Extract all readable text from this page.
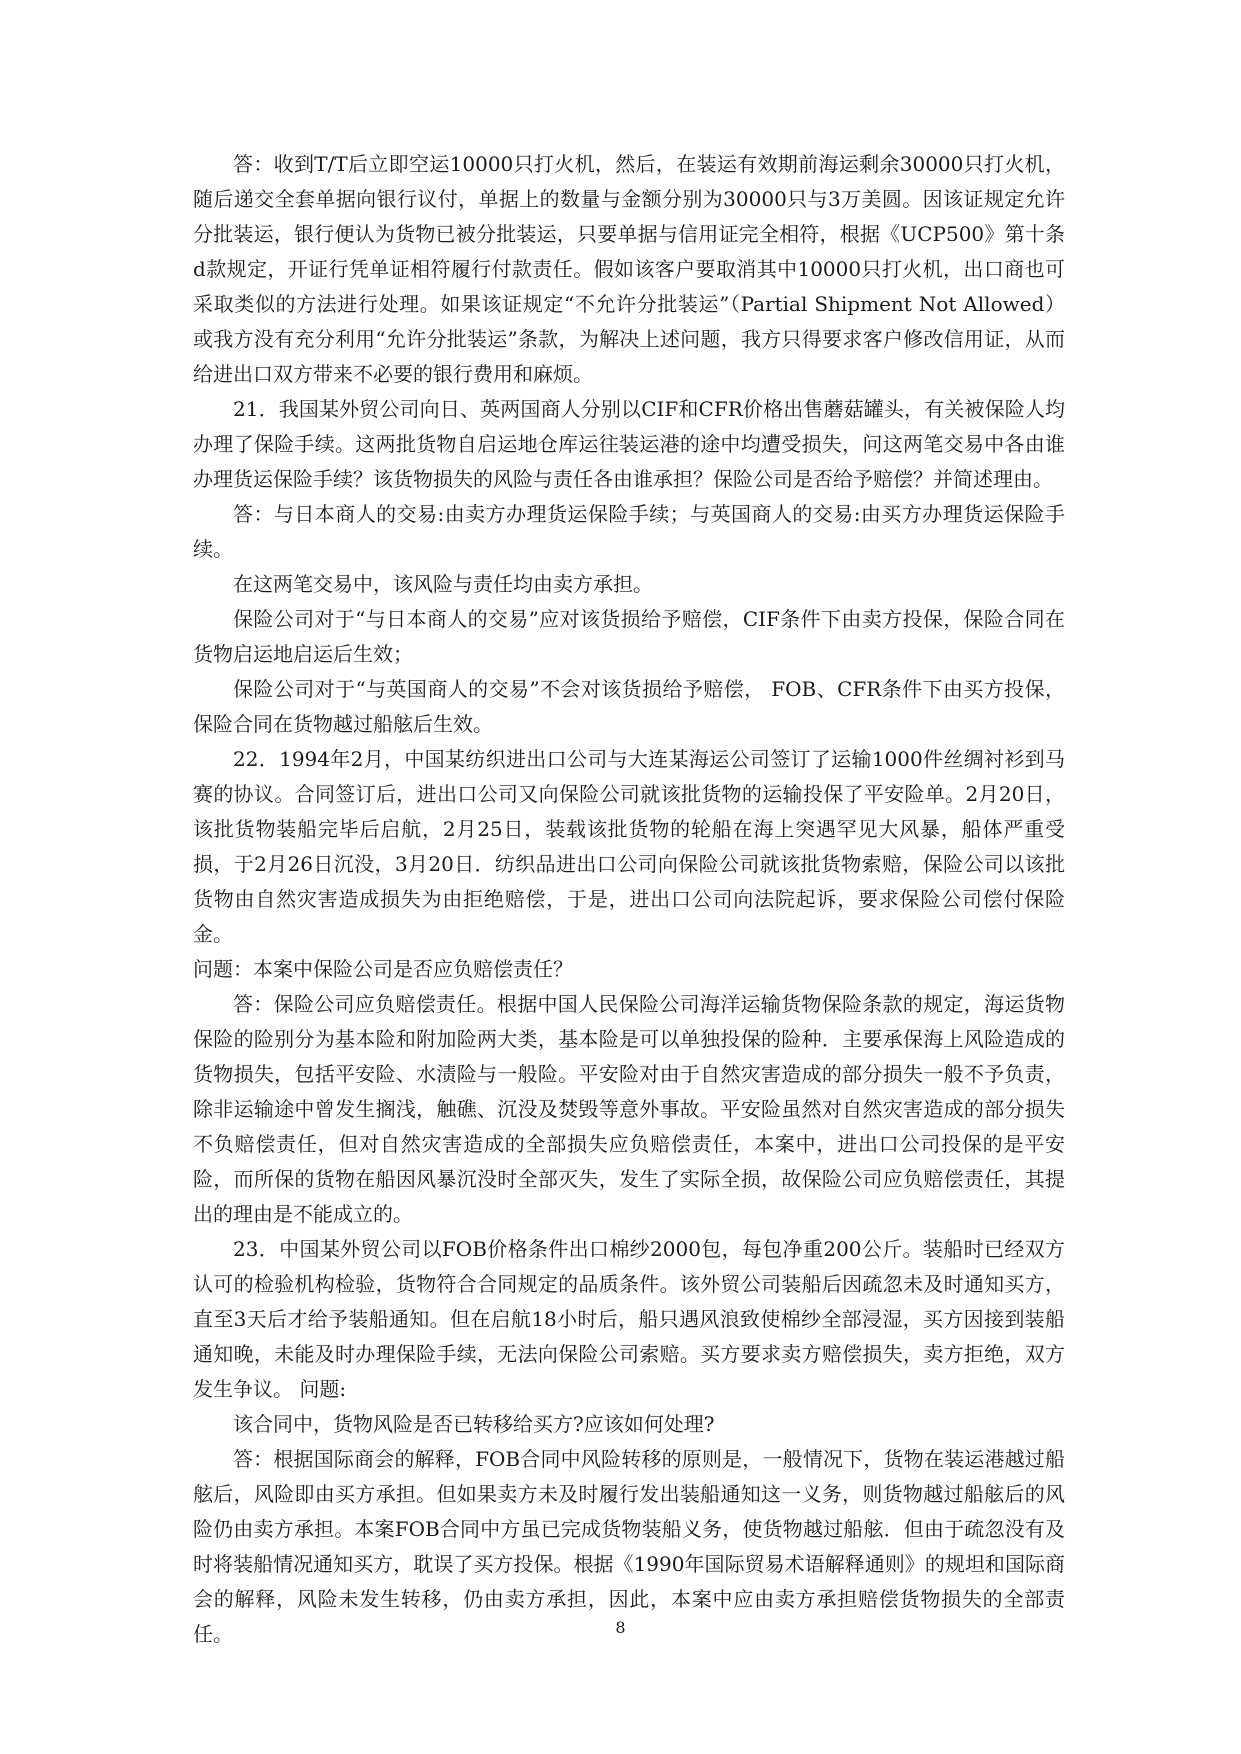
答：收到T/T后立即空运10000只打火机，然后，在装运有效期前海运剩余30000只打火机，随后递交全套单据向银行议付，单据上的数量与金额分别为30000只与3万美圆。因该证规定允许分批装运，银行便认为货物已被分批装运，只要单据与信用证完全相符，根据《UCP500》第十条d款规定，开证行凭单证相符履行付款责任。假如该客户要取消其中10000只打火机，出口商也可采取类似的方法进行处理。如果该证规定“不允许分批装运”（Partial Shipment Not Allowed）或我方没有充分利用“允许分批装运”条款，为解决上述问题，我方只得要求客户修改信用证，从而给进出口双方带来不必要的银行费用和麻烦。

21．我国某外贸公司向日、英两国商人分别以CIF和CFR价格出售蘑菇罐头，有关被保险人均办理了保险手续。这两批货物自启运地仓库运往装运港的途中均遭受损失，问这两笔交易中各由谁办理货运保险手续？该货物损失的风险与责任各由谁承担？保险公司是否给予赔偿？并简述理由。

答：与日本商人的交易:由卖方办理货运保险手续；与英国商人的交易:由买方办理货运保险手续。

在这两笔交易中，该风险与责任均由卖方承担。

保险公司对于“与日本商人的交易”应对该货损给予赔偿，CIF条件下由卖方投保，保险合同在货物启运地启运后生效；

保险公司对于“与英国商人的交易”不会对该货损给予赔偿， FOB、CFR条件下由买方投保，保险合同在货物越过船舷后生效。

22．1994年2月，中国某纺织进出口公司与大连某海运公司签订了运输1000件丝绸衬衫到马赛的协议。合同签订后，进出口公司又向保险公司就该批货物的运输投保了平安险单。2月20日，该批货物装船完毕后启航，2月25日，装载该批货物的轮船在海上突遇罕见大风暴，船体严重受损，于2月26日沉没，3月20日．纺织品进出口公司向保险公司就该批货物索赔，保险公司以该批货物由自然灾害造成损失为由拒绝赔偿，于是，进出口公司向法院起诉，要求保险公司偿付保险金。

问题：本案中保险公司是否应负赔偿责任？

答：保险公司应负赔偿责任。根据中国人民保险公司海洋运输货物保险条款的规定，海运货物保险的险别分为基本险和附加险两大类，基本险是可以单独投保的险种．主要承保海上风险造成的货物损失，包括平安险、水渍险与一般险。平安险对由于自然灾害造成的部分损失一般不予负责，除非运输途中曾发生搁浅，触礁、沉没及焚毁等意外事故。平安险虽然对自然灾害造成的部分损失不负赔偿责任，但对自然灾害造成的全部损失应负赔偿责任，本案中，进出口公司投保的是平安险，而所保的货物在船因风暴沉没时全部灭失，发生了实际全损，故保险公司应负赔偿责任，其提出的理由是不能成立的。

23．中国某外贸公司以FOB价格条件出口棉纱2000包，每包净重200公斤。装船时已经双方认可的检验机构检验，货物符合合同规定的品质条件。该外贸公司装船后因疏忽未及时通知买方，直至3天后才给予装船通知。但在启航18小时后，船只遇风浪致使棉纱全部浸湿，买方因接到装船通知晚，未能及时办理保险手续，无法向保险公司索赔。买方要求卖方赔偿损失，卖方拒绝，双方发生争议。 问题:

该合同中，货物风险是否已转移给买方?应该如何处理?

答：根据国际商会的解释，FOB合同中风险转移的原则是，一般情况下，货物在装运港越过船舷后，风险即由买方承担。但如果卖方未及时履行发出装船通知这一义务，则货物越过船舷后的风险仍由卖方承担。本案FOB合同中方虽已完成货物装船义务，使货物越过船舷．但由于疏忽没有及时将装船情况通知买方，耽误了买方投保。根据《1990年国际贸易术语解释通则》的规坦和国际商会的解释，风险未发生转移，仍由卖方承担，因此，本案中应由卖方承担赔偿货物损失的全部责任。	8
